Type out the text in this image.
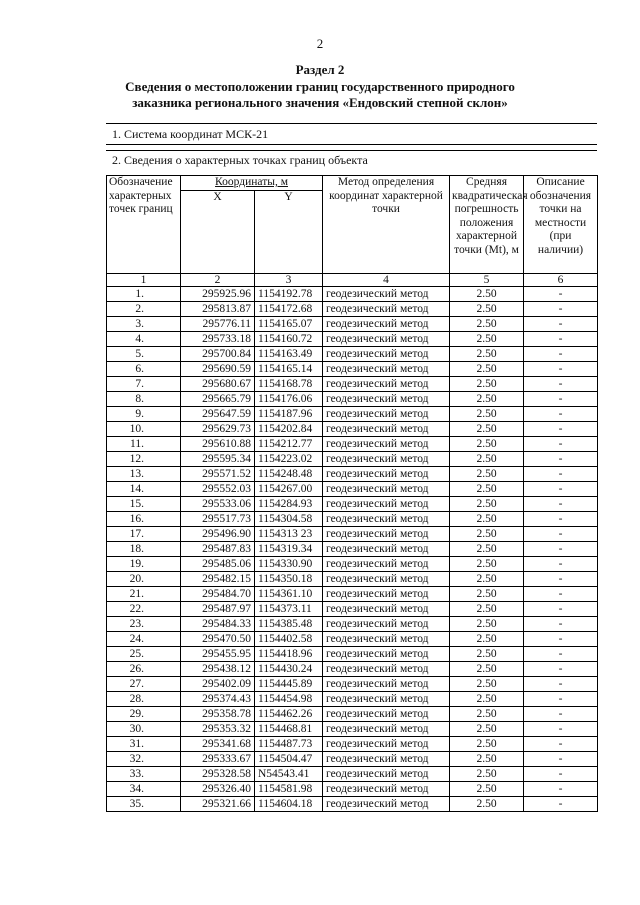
2
Раздел 2
Сведения о местоположении границ государственного природного
заказника регионального значения «Ендовский степной склон»
1. Система координат МСК-21
2. Сведения о характерных точках границ объекта
Обозначение характерных точек границ	Координаты, м		Метод определения координат характерной точки	Средняя квадратическая погрешность положения характерной точки (Mt), м	Описание обозначения точки на местности (при наличии)
	X	Y			
1	2	3	4	5	6
1.	295925.96	1154192.78	геодезический метод	2.50	-
2.	295813.87	1154172.68	геодезический метод	2.50	-
3.	295776.11	1154165.07	геодезический метод	2.50	-
4.	295733.18	1154160.72	геодезический метод	2.50	-
5.	295700.84	1154163.49	геодезический метод	2.50	-
6.	295690.59	1154165.14	геодезический метод	2.50	-
7.	295680.67	1154168.78	геодезический метод	2.50	-
8.	295665.79	1154176.06	геодезический метод	2.50	-
9.	295647.59	1154187.96	геодезический метод	2.50	-
10.	295629.73	1154202.84	геодезический метод	2.50	-
11.	295610.88	1154212.77	геодезический метод	2.50	-
12.	295595.34	1154223.02	геодезический метод	2.50	-
13.	295571.52	1154248.48	геодезический метод	2.50	-
14.	295552.03	1154267.00	геодезический метод	2.50	-
15.	295533.06	1154284.93	геодезический метод	2.50	-
16.	295517.73	1154304.58	геодезический метод	2.50	-
17.	295496.90	1154313 23	геодезический метод	2.50	-
18.	295487.83	1154319.34	геодезический метод	2.50	-
19.	295485.06	1154330.90	геодезический метод	2.50	-
20.	295482.15	1154350.18	геодезический метод	2.50	-
21.	295484.70	1154361.10	геодезический метод	2.50	-
22.	295487.97	1154373.11	геодезический метод	2.50	-
23.	295484.33	1154385.48	геодезический метод	2.50	-
24.	295470.50	1154402.58	геодезический метод	2.50	-
25.	295455.95	1154418.96	геодезический метод	2.50	-
26.	295438.12	1154430.24	геодезический метод	2.50	-
27.	295402.09	1154445.89	геодезический метод	2.50	-
28.	295374.43	1154454.98	геодезический метод	2.50	-
29.	295358.78	1154462.26	геодезический метод	2.50	-
30.	295353.32	1154468.81	геодезический метод	2.50	-
31.	295341.68	1154487.73	геодезический метод	2.50	-
32.	295333.67	1154504.47	геодезический метод	2.50	-
33.	295328.58	N54543.41	геодезический метод	2.50	-
34.	295326.40	1154581.98	геодезический метод	2.50	-
35.	295321.66	1154604.18	геодезический метод	2.50	-
